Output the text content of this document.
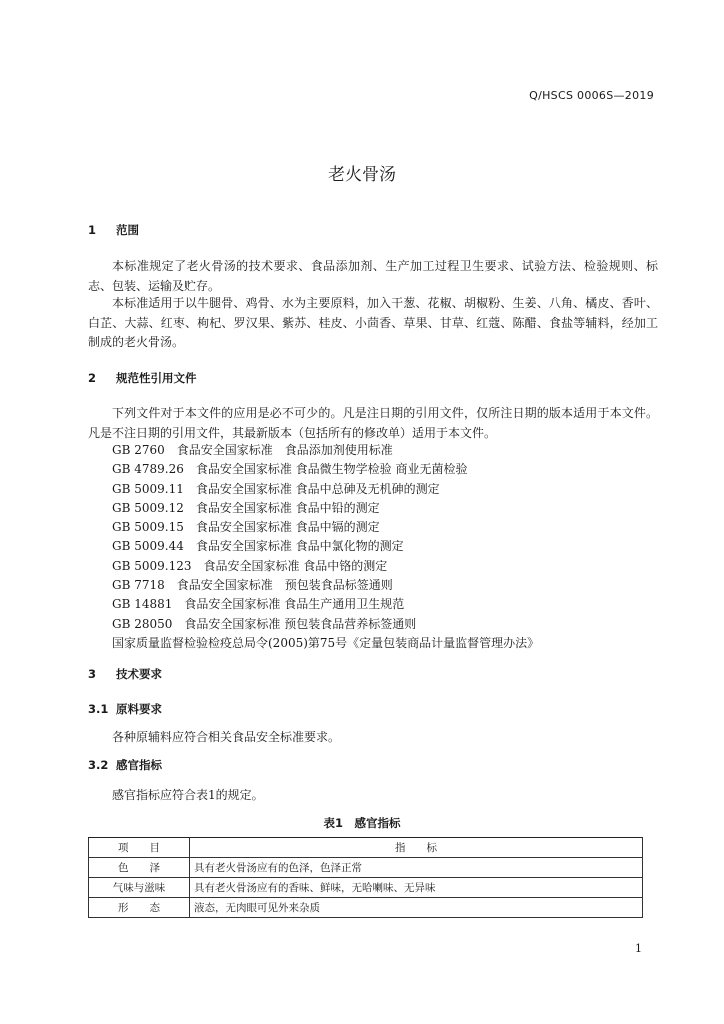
Q/HSCS 0006S—2019
老火骨汤
1 范围
本标准规定了老火骨汤的技术要求、食品添加剂、生产加工过程卫生要求、试验方法、检验规则、标志、包装、运输及贮存。
本标准适用于以牛腿骨、鸡骨、水为主要原料，加入干葱、花椒、胡椒粉、生姜、八角、橘皮、香叶、白芷、大蒜、红枣、枸杞、罗汉果、紫苏、桂皮、小茴香、草果、甘草、红蔻、陈醋、食盐等辅料，经加工制成的老火骨汤。
2 规范性引用文件
下列文件对于本文件的应用是必不可少的。凡是注日期的引用文件，仅所注日期的版本适用于本文件。凡是不注日期的引用文件，其最新版本（包括所有的修改单）适用于本文件。
GB 2760　食品安全国家标准　食品添加剂使用标准
GB 4789.26　食品安全国家标准 食品微生物学检验 商业无菌检验
GB 5009.11　食品安全国家标准 食品中总砷及无机砷的测定
GB 5009.12　食品安全国家标准 食品中铅的测定
GB 5009.15　食品安全国家标准 食品中镉的测定
GB 5009.44　食品安全国家标准 食品中氯化物的测定
GB 5009.123　食品安全国家标准 食品中铬的测定
GB 7718　食品安全国家标准　预包装食品标签通则
GB 14881　食品安全国家标准 食品生产通用卫生规范
GB 28050　食品安全国家标准 预包装食品营养标签通则
国家质量监督检验检疫总局令(2005)第75号《定量包装商品计量监督管理办法》
3 技术要求
3.1 原料要求
各种原辅料应符合相关食品安全标准要求。
3.2 感官指标
感官指标应符合表1的规定。
表1　感官指标
项　　目	指　　标
色　　泽	具有老火骨汤应有的色泽，色泽正常
气味与滋味	具有老火骨汤应有的香味、鲜味，无哈喇味、无异味
形　　态	液态，无肉眼可见外来杂质
1
